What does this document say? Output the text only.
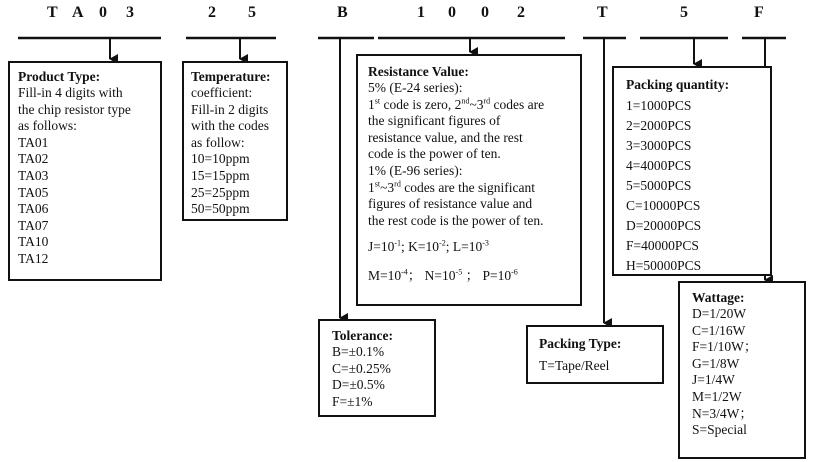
T A 0 3	2 5	B	1 0 0 2	T	5	F
Product Type:
Fill-in 4 digits with
the chip resistor type
as follows:
TA01
TA02
TA03
TA05
TA06
TA07
TA10
TA12
Temperature:
coefficient:
Fill-in 2 digits
with the codes
as follow:
10=10ppm
15=15ppm
25=25ppm
50=50ppm
Resistance Value:
5% (E-24 series):
1st code is zero, 2nd~3rd codes are
the significant figures of
resistance value, and the rest
code is the power of ten.
1% (E-96 series):
1st~3rd codes are the significant
figures of resistance value and
the rest code is the power of ten.
$J=10^{-1}$; $K=10^{-2}$; $L=10^{-3}$
$M=10^{-4}$； $N=10^{-5}$ ； $P=10^{-6}$
Packing quantity:
1=1000PCS
2=2000PCS
3=3000PCS
4=4000PCS
5=5000PCS
C=10000PCS
D=20000PCS
F=40000PCS
H=50000PCS
Tolerance:
B=±0.1%
C=±0.25%
D=±0.5%
F=±1%
Packing Type:
T=Tape/Reel
Wattage:
D=1/20W
C=1/16W
F=1/10W；
G=1/8W
J=1/4W
M=1/2W
N=3/4W；
S=Special
